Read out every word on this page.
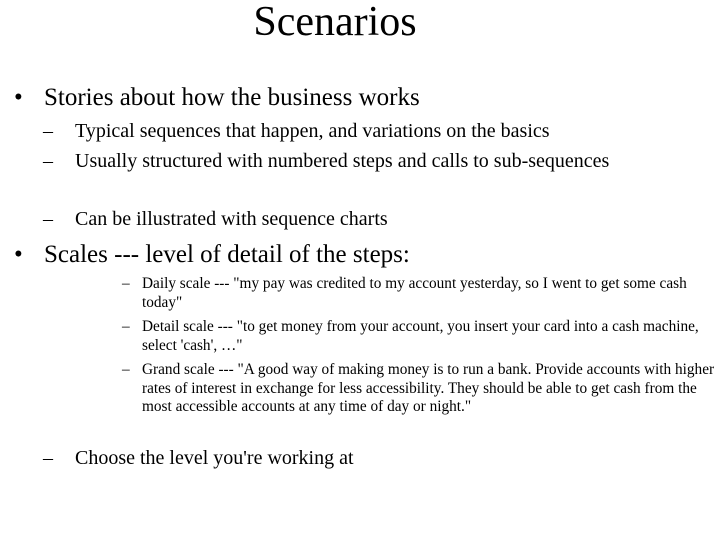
Scenarios
• Stories about how the business works
– Typical sequences that happen, and variations on the basics
– Usually structured with numbered steps and calls to sub-sequences
– Can be illustrated with sequence charts
• Scales --- level of detail of the steps:
– Daily scale --- "my pay was credited to my account yesterday, so I went to get some cash today"
– Detail scale --- "to get money from your account, you insert your card into a cash machine, select 'cash', …"
– Grand scale --- "A good way of making money is to run a bank. Provide accounts with higher rates of interest in exchange for less accessibility. They should be able to get cash from the most accessible accounts at any time of day or night."
– Choose the level you're working at
